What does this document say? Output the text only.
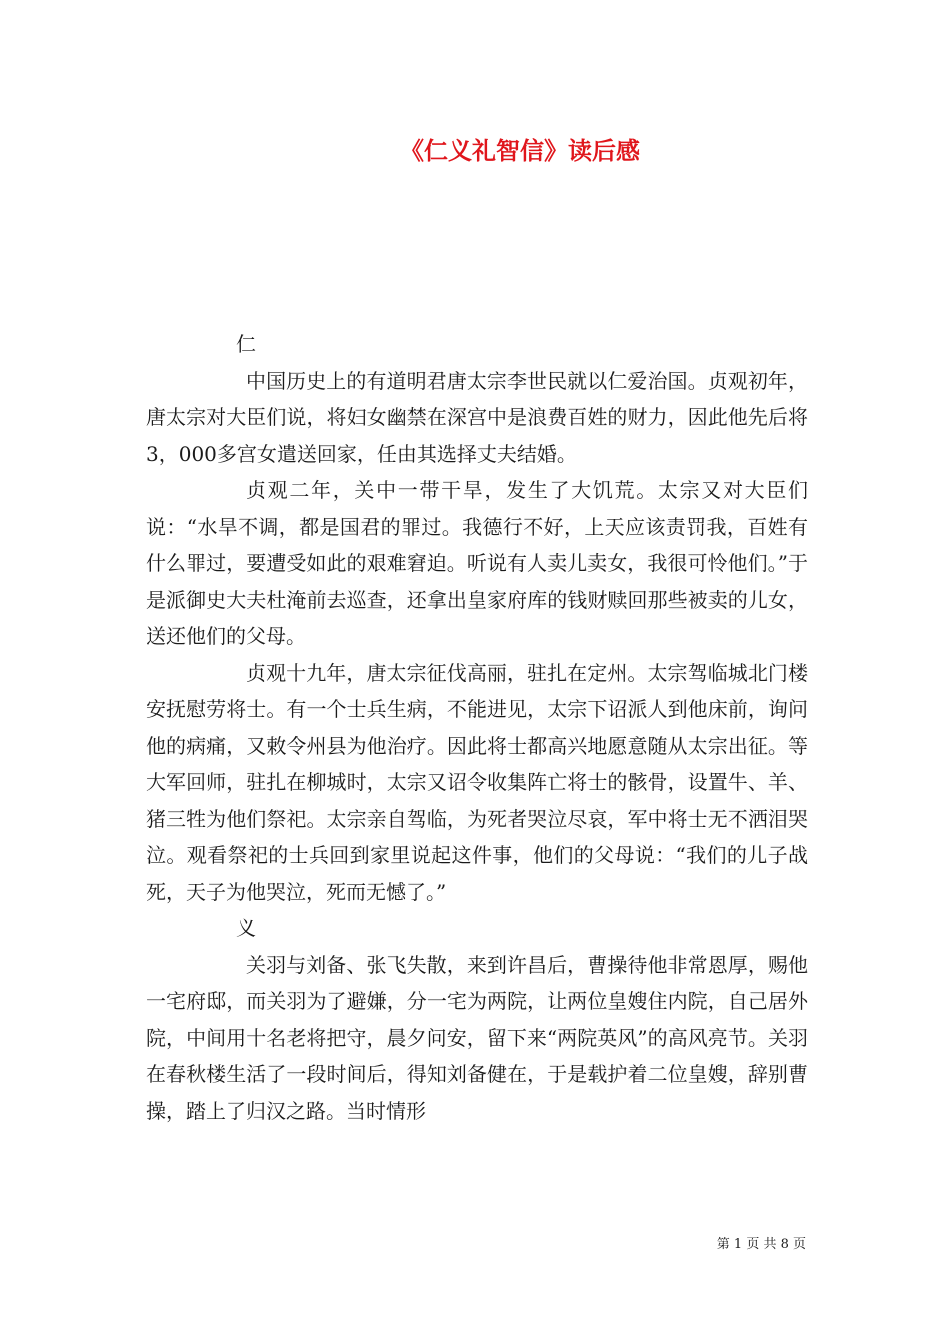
《仁义礼智信》读后感

仁

中国历史上的有道明君唐太宗李世民就以仁爱治国。贞观初年，唐太宗对大臣们说，将妇女幽禁在深宫中是浪费百姓的财力，因此他先后将3，000多宫女遣送回家，任由其选择丈夫结婚。

贞观二年，关中一带干旱，发生了大饥荒。太宗又对大臣们说：“水旱不调，都是国君的罪过。我德行不好，上天应该责罚我，百姓有什么罪过，要遭受如此的艰难窘迫。听说有人卖儿卖女，我很可怜他们。”于是派御史大夫杜淹前去巡查，还拿出皇家府库的钱财赎回那些被卖的儿女，送还他们的父母。

贞观十九年，唐太宗征伐高丽，驻扎在定州。太宗驾临城北门楼安抚慰劳将士。有一个士兵生病，不能进见，太宗下诏派人到他床前，询问他的病痛，又敕令州县为他治疗。因此将士都高兴地愿意随从太宗出征。等大军回师，驻扎在柳城时，太宗又诏令收集阵亡将士的骸骨，设置牛、羊、猪三牲为他们祭祀。太宗亲自驾临，为死者哭泣尽哀，军中将士无不洒泪哭泣。观看祭祀的士兵回到家里说起这件事，他们的父母说：“我们的儿子战死，天子为他哭泣，死而无憾了。”

义

关羽与刘备、张飞失散，来到许昌后，曹操待他非常恩厚，赐他一宅府邸，而关羽为了避嫌，分一宅为两院，让两位皇嫂住内院，自己居外院，中间用十名老将把守，晨夕问安，留下来“两院英风”的高风亮节。关羽在春秋楼生活了一段时间后，得知刘备健在，于是载护着二位皇嫂，辞别曹操，踏上了归汉之路。当时情形

第 1 页 共 8 页
